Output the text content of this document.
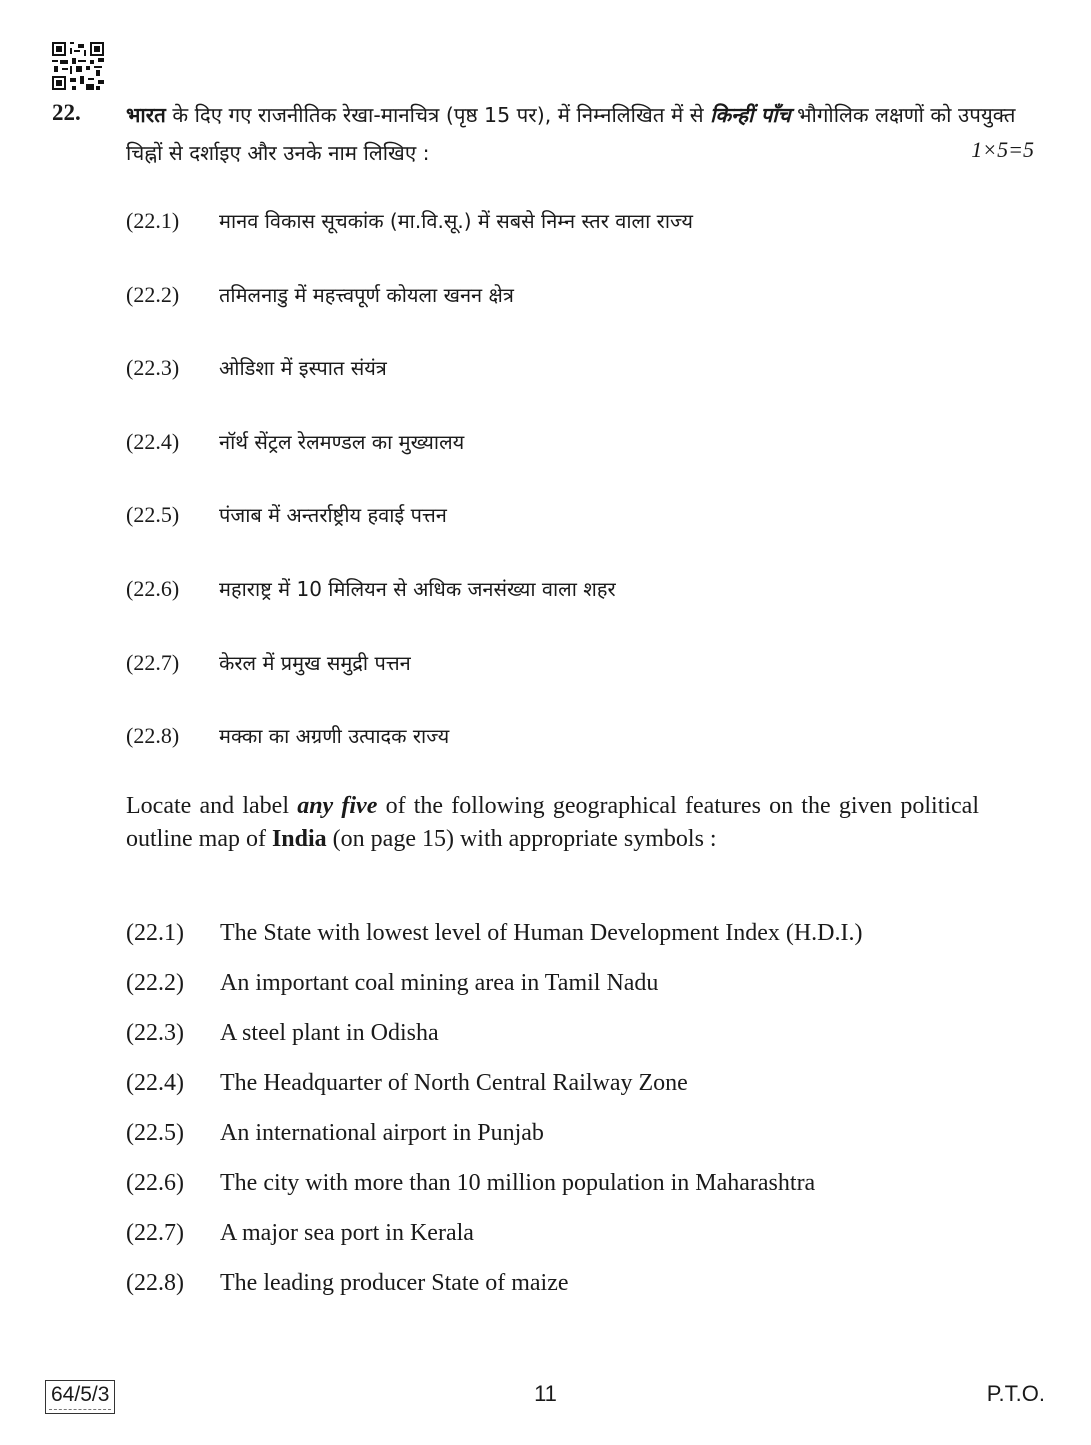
22. भारत के दिए गए राजनीतिक रेखा-मानचित्र (पृष्ठ 15 पर), में निम्नलिखित में से किन्हीं पाँच भौगोलिक लक्षणों को उपयुक्त चिह्नों से दर्शाइए और उनके नाम लिखिए :	1×5=5
(22.1)	मानव विकास सूचकांक (मा.वि.सू.) में सबसे निम्न स्तर वाला राज्य
(22.2)	तमिलनाडु में महत्त्वपूर्ण कोयला खनन क्षेत्र
(22.3)	ओडिशा में इस्पात संयंत्र
(22.4)	नॉर्थ सेंट्रल रेलमण्डल का मुख्यालय
(22.5)	पंजाब में अन्तर्राष्ट्रीय हवाई पत्तन
(22.6)	महाराष्ट्र में 10 मिलियन से अधिक जनसंख्या वाला शहर
(22.7)	केरल में प्रमुख समुद्री पत्तन
(22.8)	मक्का का अग्रणी उत्पादक राज्य

Locate and label any five of the following geographical features on the given political outline map of India (on page 15) with appropriate symbols :

(22.1)	The State with lowest level of Human Development Index (H.D.I.)
(22.2)	An important coal mining area in Tamil Nadu
(22.3)	A steel plant in Odisha
(22.4)	The Headquarter of North Central Railway Zone
(22.5)	An international airport in Punjab
(22.6)	The city with more than 10 million population in Maharashtra
(22.7)	A major sea port in Kerala
(22.8)	The leading producer State of maize
64/5/3	11	P.T.O.
